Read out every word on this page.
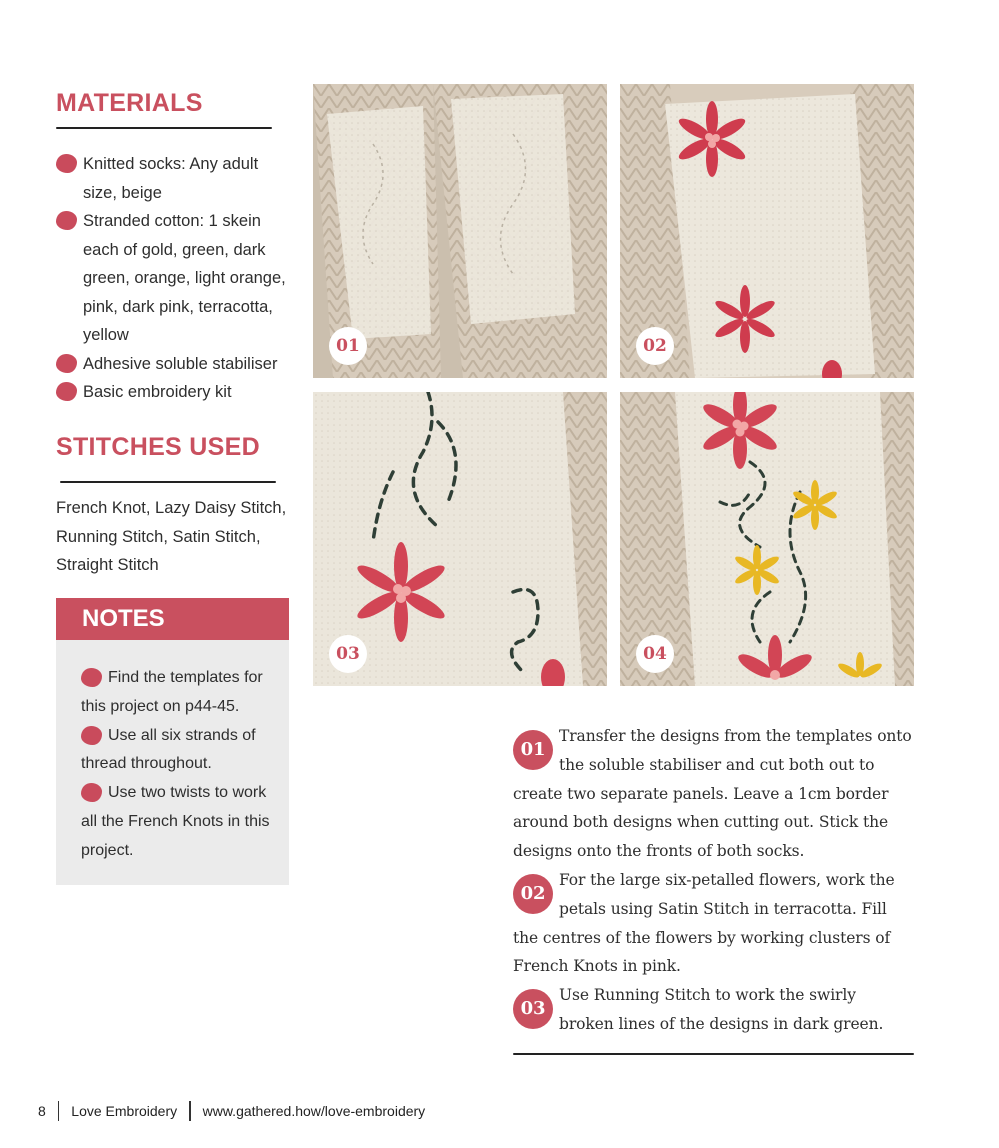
MATERIALS
Knitted socks: Any adult size, beige
Stranded cotton: 1 skein each of gold, green, dark green, orange, light orange, pink, dark pink, terracotta, yellow
Adhesive soluble stabiliser
Basic embroidery kit
STITCHES USED
French Knot, Lazy Daisy Stitch, Running Stitch, Satin Stitch, Straight Stitch
NOTES
Find the templates for this project on p44-45.
Use all six strands of thread throughout.
Use two twists to work all the French Knots in this project.
01	02
03	04
01
Transfer the designs from the templates onto the soluble stabiliser and cut both out to create two separate panels. Leave a 1cm border around both designs when cutting out. Stick the designs onto the fronts of both socks.
02
For the large six-petalled flowers, work the petals using Satin Stitch in terracotta. Fill the centres of the flowers by working clusters of French Knots in pink.
03
Use Running Stitch to work the swirly broken lines of the designs in dark green.
8 Love Embroidery www.gathered.how/love-embroidery
